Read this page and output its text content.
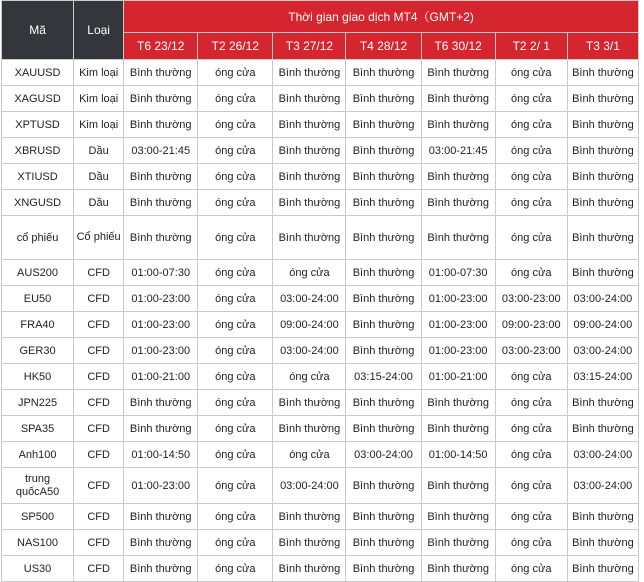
Mã	Loại	Thời gian giao dịch MT4（GMT+2)						
		T6 23/12	T2 26/12	T3 27/12	T4 28/12	T6 30/12	T2 2/ 1	T3 3/1
XAUUSD	Kim loại	Bình thường	óng cửa	Bình thường	Bình thường	Bình thường	óng cửa	Bình thường
XAGUSD	Kim loại	Bình thường	óng cửa	Bình thường	Bình thường	Bình thường	óng cửa	Bình thường
XPTUSD	Kim loại	Bình thường	óng cửa	Bình thường	Bình thường	Bình thường	óng cửa	Bình thường
XBRUSD	Dầu	03:00-21:45	óng cửa	Bình thường	Bình thường	03:00-21:45	óng cửa	Bình thường
XTIUSD	Dầu	Bình thường	óng cửa	Bình thường	Bình thường	Bình thường	óng cửa	Bình thường
XNGUSD	Dầu	Bình thường	óng cửa	Bình thường	Bình thường	Bình thường	óng cửa	Bình thường
cổ phiếu	Cổ phiếu	Bình thường	óng cửa	Bình thường	Bình thường	Bình thường	óng cửa	Bình thường
AUS200	CFD	01:00-07:30	óng cửa	óng cửa	Bình thường	01:00-07:30	óng cửa	Bình thường
EU50	CFD	01:00-23:00	óng cửa	03:00-24:00	Bình thường	01:00-23:00	03:00-23:00	03:00-24:00
FRA40	CFD	01:00-23:00	óng cửa	09:00-24:00	Bình thường	01:00-23:00	09:00-23:00	09:00-24:00
GER30	CFD	01:00-23:00	óng cửa	03:00-24:00	Bình thường	01:00-23:00	03:00-23:00	03:00-24:00
HK50	CFD	01:00-21:00	óng cửa	óng cửa	03:15-24:00	01:00-21:00	óng cửa	03:15-24:00
JPN225	CFD	Bình thường	óng cửa	Bình thường	Bình thường	Bình thường	óng cửa	Bình thường
SPA35	CFD	Bình thường	óng cửa	Bình thường	Bình thường	Bình thường	óng cửa	Bình thường
Anh100	CFD	01:00-14:50	óng cửa	óng cửa	03:00-24:00	01:00-14:50	óng cửa	03:00-24:00
trung quốcA50	CFD	01:00-23:00	óng cửa	03:00-24:00	Bình thường	Bình thường	óng cửa	03:00-24:00
SP500	CFD	Bình thường	óng cửa	Bình thường	Bình thường	Bình thường	óng cửa	Bình thường
NAS100	CFD	Bình thường	óng cửa	Bình thường	Bình thường	Bình thường	óng cửa	Bình thường
US30	CFD	Bình thường	óng cửa	Bình thường	Bình thường	Bình thường	óng cửa	Bình thường
